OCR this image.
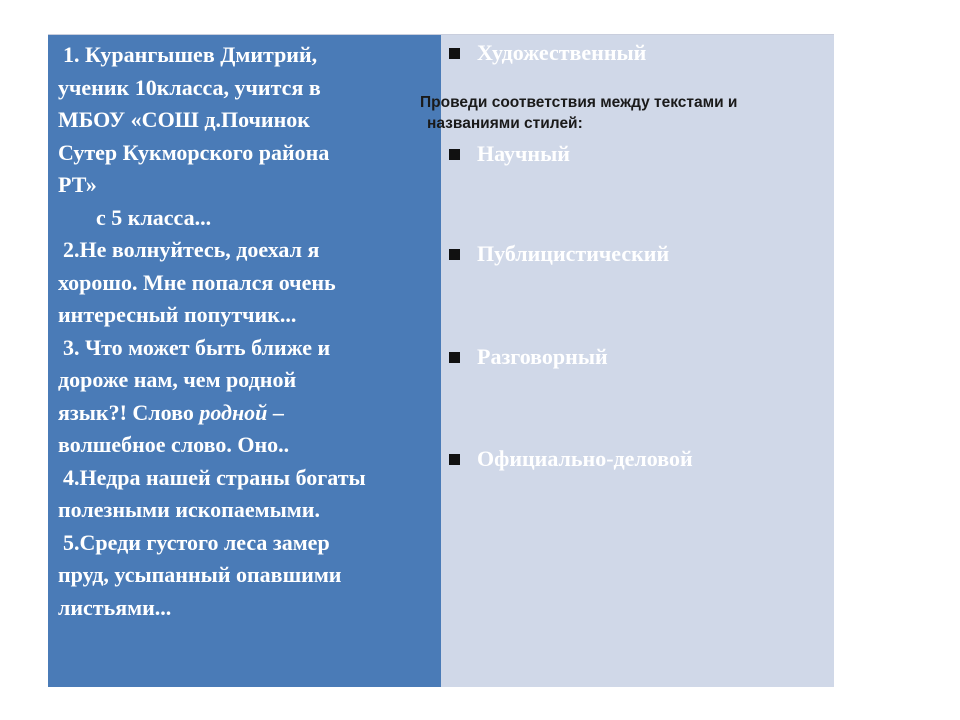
1. Курангышев Дмитрий,

ученик 10класса, учится в

МБОУ «СОШ д.Починок

Сутер Кукморского района

РТ»

с 5 класса...

2.Не волнуйтесь, доехал я

хорошо. Мне попался очень

интересный попутчик...

3. Что может быть ближе и

дороже нам, чем родной

язык?! Слово родной –

волшебное слово. Оно..

4.Недра нашей страны богаты

полезными ископаемыми.

5.Среди густого леса замер

пруд, усыпанный опавшими

листьями...

Художественный
Научный
Публицистический
Разговорный
Официально-деловой
Проведи соответствия между текстами и
названиями стилей:
